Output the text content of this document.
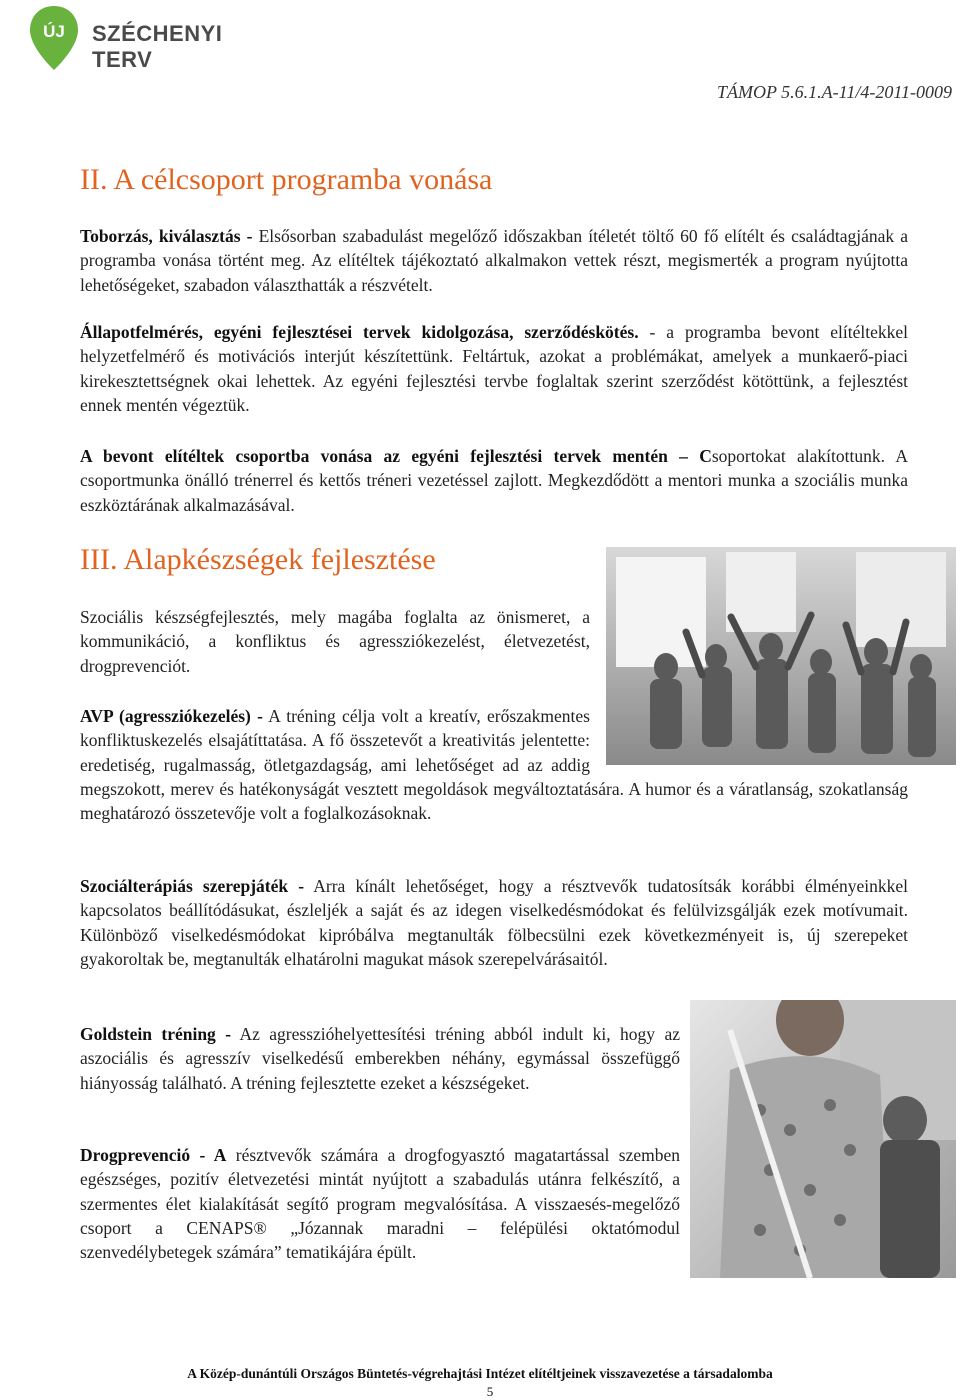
ÚJ SZÉCHENYI TERV
TÁMOP 5.6.1.A-11/4-2011-0009
II. A célcsoport programba vonása

Toborzás, kiválasztás - Elsősorban szabadulást megelőző időszakban ítéletét töltő 60 fő elítélt és családtagjának a programba vonása történt meg. Az elítéltek tájékoztató alkalmakon vettek részt, megismerték a program nyújtotta lehetőségeket, szabadon választhatták a részvételt.

Állapotfelmérés, egyéni fejlesztései tervek kidolgozása, szerződéskötés. - a programba bevont elítéltekkel helyzetfelmérő és motivációs interjút készítettünk. Feltártuk, azokat a problémákat, amelyek a munkaerő-piaci kirekesztettségnek okai lehettek. Az egyéni fejlesztési tervbe foglaltak szerint szerződést kötöttünk, a fejlesztést ennek mentén végeztük.

A bevont elítéltek csoportba vonása az egyéni fejlesztési tervek mentén – Csoportokat alakítottunk. A csoportmunka önálló trénerrel és kettős tréneri vezetéssel zajlott. Megkezdődött a mentori munka a szociális munka eszköztárának alkalmazásával.

III. Alapkészségek fejlesztése

Szociális készségfejlesztés, mely magába foglalta az önismeret, a kommunikáció, a konfliktus és agressziókezelést, életvezetést, drogprevenciót.

AVP (agressziókezelés) - A tréning célja volt a kreatív, erőszakmentes konfliktuskezelés elsajátíttatása. A fő összetevőt a kreativitás jelentette: eredetiség, rugalmasság, ötletgazdagság, ami lehetőséget ad az addig megszokott, merev és hatékonyságát vesztett megoldások megváltoztatására. A humor és a váratlanság, szokatlanság meghatározó összetevője volt a foglalkozásoknak.

Szociálterápiás szerepjáték - Arra kínált lehetőséget, hogy a résztvevők tudatosítsák korábbi élményeinkkel kapcsolatos beállítódásukat, észleljék a saját és az idegen viselkedésmódokat és felülvizsgálják ezek motívumait. Különböző viselkedésmódokat kipróbálva megtanulták fölbecsülni ezek következményeit is, új szerepeket gyakoroltak be, megtanulták elhatárolni magukat mások szerepelvárásaitól.

Goldstein tréning - Az agresszióhelyettesítési tréning abból indult ki, hogy az aszociális és agresszív viselkedésű emberekben néhány, egymással összefüggő hiányosság található. A tréning fejlesztette ezeket a készségeket.

Drogprevenció - A résztvevők számára a drogfogyasztó magatartással szemben egészséges, pozitív életvezetési mintát nyújtott a szabadulás utánra felkészítő, a szermentes élet kialakítását segítő program megvalósítása. A visszaesés-megelőző csoport a CENAPS® „Józannak maradni – felépülési oktatómodul szenvedélybetegek számára” tematikájára épült.

A Közép-dunántúli Országos Büntetés-végrehajtási Intézet elítéltjeinek visszavezetése a társadalomba
5
